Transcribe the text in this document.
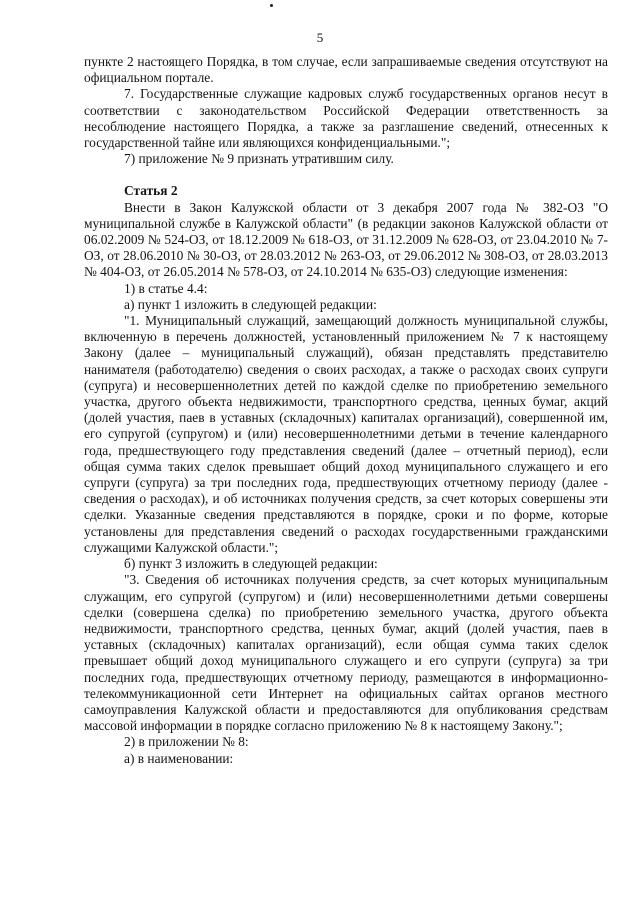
5

пункте 2 настоящего Порядка, в том случае, если запрашиваемые сведения отсутствуют на официальном портале.

7. Государственные служащие кадровых служб государственных органов несут в соответствии с законодательством Российской Федерации ответственность за несоблюдение настоящего Порядка, а также за разглашение сведений, отнесенных к государственной тайне или являющихся конфиденциальными.";

7) приложение № 9 признать утратившим силу.

Статья 2

Внести в Закон Калужской области от 3 декабря 2007 года № 382-ОЗ "О муниципальной службе в Калужской области" (в редакции законов Калужской области от 06.02.2009 № 524-ОЗ, от 18.12.2009 № 618-ОЗ, от 31.12.2009 № 628-ОЗ, от 23.04.2010 № 7-ОЗ, от 28.06.2010 № 30-ОЗ, от 28.03.2012 № 263-ОЗ, от 29.06.2012 № 308-ОЗ, от 28.03.2013 № 404-ОЗ, от 26.05.2014 № 578-ОЗ, от 24.10.2014 № 635-ОЗ) следующие изменения:

1) в статье 4.4:

а) пункт 1 изложить в следующей редакции:

"1. Муниципальный служащий, замещающий должность муниципальной службы, включенную в перечень должностей, установленный приложением № 7 к настоящему Закону (далее – муниципальный служащий), обязан представлять представителю нанимателя (работодателю) сведения о своих расходах, а также о расходах своих супруги (супруга) и несовершеннолетних детей по каждой сделке по приобретению земельного участка, другого объекта недвижимости, транспортного средства, ценных бумаг, акций (долей участия, паев в уставных (складочных) капиталах организаций), совершенной им, его супругой (супругом) и (или) несовершеннолетними детьми в течение календарного года, предшествующего году представления сведений (далее – отчетный период), если общая сумма таких сделок превышает общий доход муниципального служащего и его супруги (супруга) за три последних года, предшествующих отчетному периоду (далее - сведения о расходах), и об источниках получения средств, за счет которых совершены эти сделки. Указанные сведения представляются в порядке, сроки и по форме, которые установлены для представления сведений о расходах государственными гражданскими служащими Калужской области.";

б) пункт 3 изложить в следующей редакции:

"3. Сведения об источниках получения средств, за счет которых муниципальным служащим, его супругой (супругом) и (или) несовершеннолетними детьми совершены сделки (совершена сделка) по приобретению земельного участка, другого объекта недвижимости, транспортного средства, ценных бумаг, акций (долей участия, паев в уставных (складочных) капиталах организаций), если общая сумма таких сделок превышает общий доход муниципального служащего и его супруги (супруга) за три последних года, предшествующих отчетному периоду, размещаются в информационно-телекоммуникационной сети Интернет на официальных сайтах органов местного самоуправления Калужской области и предоставляются для опубликования средствам массовой информации в порядке согласно приложению № 8 к настоящему Закону.";

2) в приложении № 8:

а) в наименовании:
